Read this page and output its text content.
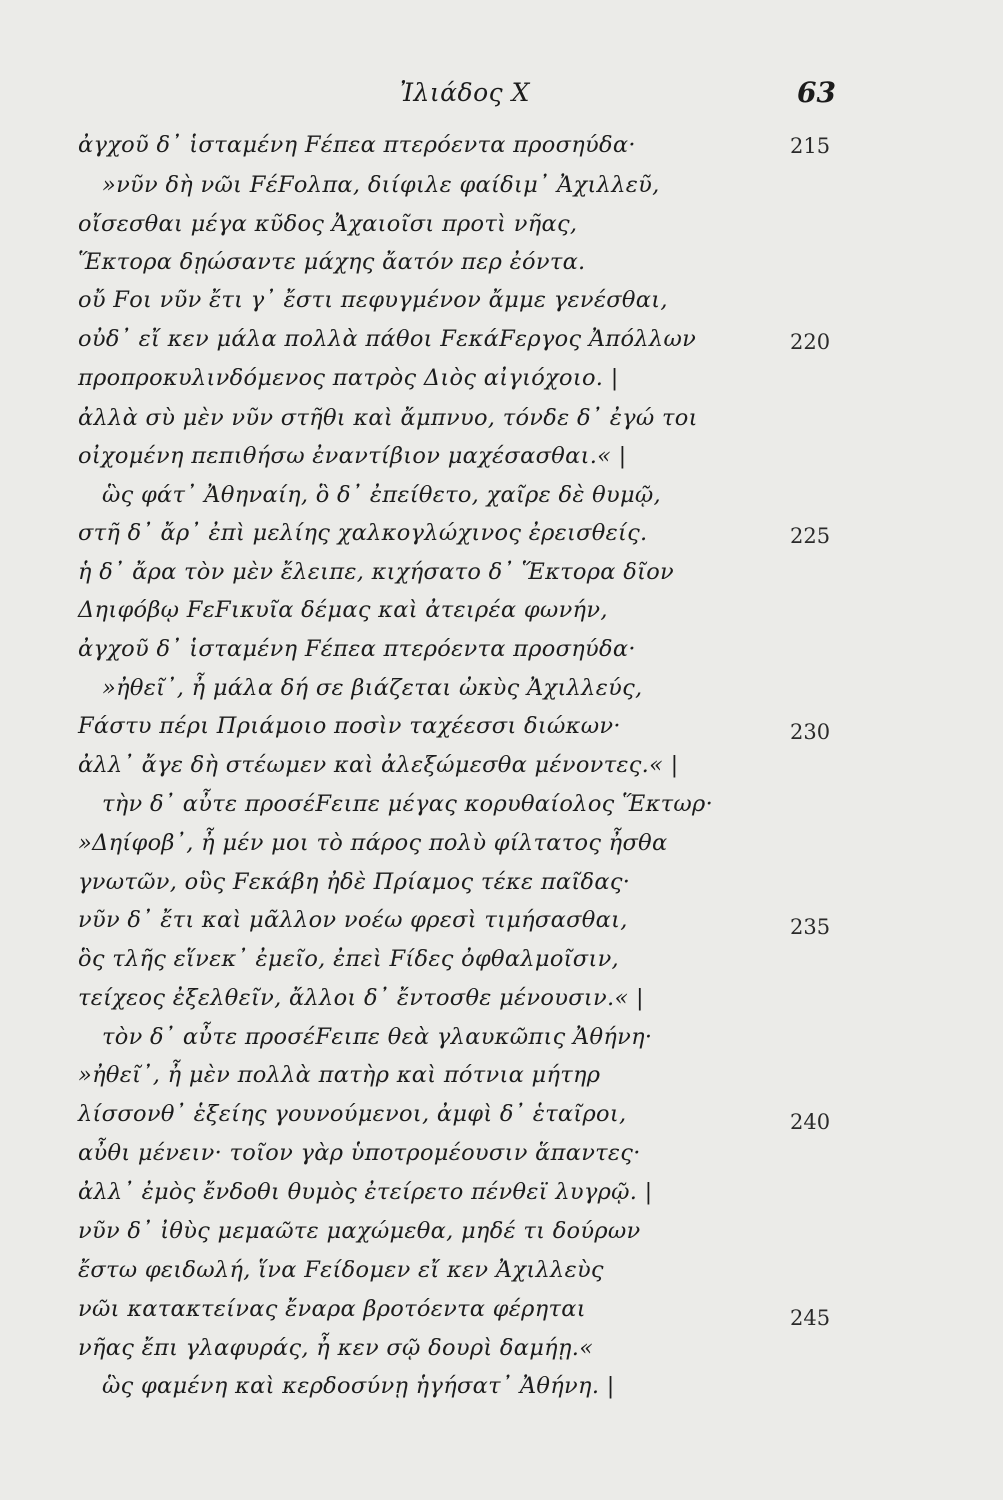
Ἰλιάδος Χ	63
ἀγχοῦ δ᾽ ἱσταμένη Fέπεα πτερόεντα προσηύδα·	215
»νῦν δὴ νῶι FέFολπα, διίφιλε φαίδιμ᾽ Ἀχιλλεῦ,
οἴσεσθαι μέγα κῦδος Ἀχαιοῖσι προτὶ νῆας,
Ἕκτορα δῃώσαντε μάχης ἄατόν περ ἐόντα.
οὔ Fοι νῦν ἔτι γ᾽ ἔστι πεφυγμένον ἄμμε γενέσθαι,
οὐδ᾽ εἴ κεν μάλα πολλὰ πάθοι FεκάFεργος Ἀπόλλων	220
προπροκυλινδόμενος πατρὸς Διὸς αἰγιόχοιο. |
ἀλλὰ σὺ μὲν νῦν στῆθι καὶ ἄμπνυο, τόνδε δ᾽ ἐγώ τοι
οἰχομένη πεπιθήσω ἐναντίβιον μαχέσασθαι.« |
ὣς φάτ᾽ Ἀθηναίη, ὃ δ᾽ ἐπείθετο, χαῖρε δὲ θυμῷ,
στῆ δ᾽ ἄρ᾽ ἐπὶ μελίης χαλκογλώχινος ἐρεισθείς.	225
ἡ δ᾽ ἄρα τὸν μὲν ἔλειπε, κιχήσατο δ᾽ Ἕκτορα δῖον
Δηιφόβῳ FεFικυῖα δέμας καὶ ἀτειρέα φωνήν,
ἀγχοῦ δ᾽ ἱσταμένη Fέπεα πτερόεντα προσηύδα·
»ἠθεῖ᾽, ἦ μάλα δή σε βιάζεται ὠκὺς Ἀχιλλεύς,
Fάστυ πέρι Πριάμοιο ποσὶν ταχέεσσι διώκων·	230
ἀλλ᾽ ἄγε δὴ στέωμεν καὶ ἀλεξώμεσθα μένοντες.« |
τὴν δ᾽ αὖτε προσέFειπε μέγας κορυθαίολος Ἕκτωρ·
»Δηίφοβ᾽, ἦ μέν μοι τὸ πάρος πολὺ φίλτατος ἦσθα
γνωτῶν, οὓς Fεκάβη ἠδὲ Πρίαμος τέκε παῖδας·
νῦν δ᾽ ἔτι καὶ μᾶλλον νοέω φρεσὶ τιμήσασθαι,	235
ὃς τλῆς εἵνεκ᾽ ἐμεῖο, ἐπεὶ Fίδες ὀφθαλμοῖσιν,
τείχεος ἐξελθεῖν, ἄλλοι δ᾽ ἔντοσθε μένουσιν.« |
τὸν δ᾽ αὖτε προσέFειπε θεὰ γλαυκῶπις Ἀθήνη·
»ἠθεῖ᾽, ἦ μὲν πολλὰ πατὴρ καὶ πότνια μήτηρ
λίσσονθ᾽ ἑξείης γουνούμενοι, ἀμφὶ δ᾽ ἑταῖροι,	240
αὖθι μένειν· τοῖον γὰρ ὑποτρομέουσιν ἅπαντες·
ἀλλ᾽ ἐμὸς ἔνδοθι θυμὸς ἐτείρετο πένθεϊ λυγρῷ. |
νῦν δ᾽ ἰθὺς μεμαῶτε μαχώμεθα, μηδέ τι δούρων
ἔστω φειδωλή, ἵνα Fείδομεν εἴ κεν Ἀχιλλεὺς
νῶι κατακτείνας ἔναρα βροτόεντα φέρηται	245
νῆας ἔπι γλαφυράς, ἦ κεν σῷ δουρὶ δαμήῃ.«
ὣς φαμένη καὶ κερδοσύνῃ ἡγήσατ᾽ Ἀθήνη. |
